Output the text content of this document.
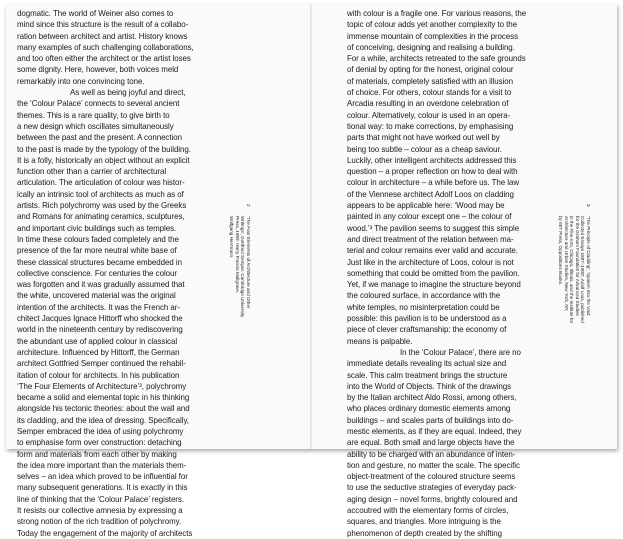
dogmatic. The world of Weiner also comes to
mind since this structure is the result of a collabo-
ration between architect and artist. History knows
many examples of such challenging collaborations,
and too often either the architect or the artist loses
some dignity. Here, however, both voices meld
remarkably into one convincing tone.
As well as being joyful and direct,
the ‘Colour Palace’ connects to several ancient
themes. This is a rare quality, to give birth to
a new design which oscillates simultaneously
between the past and the present. A connection
to the past is made by the typology of the building.
It is a folly, historically an object without an explicit
function other than a carrier of architectural
articulation. The articulation of colour was histor-
ically an intrinsic tool of architects as much as of
artists. Rich polychromy was used by the Greeks
and Romans for animating ceramics, sculptures,
and important civic buildings such as temples.
In time these colours faded completely and the
presence of the far more neutral white base of
these classical structures became embedded in
collective conscience. For centuries the colour
was forgotten and it was gradually assumed that
the white, uncovered material was the original
intention of the architects. It was the French ar-
chitect Jacques Ignace Hittorff who shocked the
world in the nineteenth century by rediscovering
the abundant use of applied colour in classical
architecture. Influenced by Hittorff, the German
architect Gottfried Semper continued the rehabil-
itation of colour for architects. In his publication
‘The Four Elements of Architecture’², polychromy
became a solid and elemental topic in his thinking
alongside his tectonic theories: about the wall and
its cladding, and the idea of dressing. Specifically,
Semper embraced the idea of using polychromy
to emphasise form over construction: detaching
form and materials from each other by making
the idea more important than the materials them-
selves – an idea which proved to be influential for
many subsequent generations. It is exactly in this
line of thinking that the ‘Colour Palace’ registers.
It resists our collective amnesia by expressing a
strong notion of the rich tradition of polychromy.
Today the engagement of the majority of architects
2‘The Four Elements of Architecture and Other
Writings’, Gottfried Semper. Cambridge University
Press, 1989. Harry Francis Mallgrave,
Wolfgang Herrmann.
with colour is a fragile one. For various reasons, the
topic of colour adds yet another complexity to the
immense mountain of complexities in the process
of conceiving, designing and realising a building.
For a while, architects retreated to the safe grounds
of denial by opting for the honest, original colour
of materials, completely satisfied with an illusion
of choice. For others, colour stands for a visit to
Arcadia resulting in an overdone celebration of
colour. Alternatively, colour is used in an opera-
tional way: to make corrections, by emphasising
parts that might not have worked out well by
being too subtle – colour as a cheap saviour.
Luckily, other intelligent architects addressed this
question – a proper reflection on how to deal with
colour in architecture – a while before us. The law
of the Viennese architect Adolf Loos on cladding
appears to be applicable here: ‘Wood may be
painted in any colour except one – the colour of
wood.’³ The pavilion seems to suggest this simple
and direct treatment of the relation between ma-
terial and colour remains ever valid and accurate.
Just like in the architecture of Loos, colour is not
something that could be omitted from the pavilion.
Yet, if we manage to imagine the structure beyond
the coloured surface, in accordance with the
white temples, no misinterpretation could be
possible: this pavilion is to be understood as a
piece of clever craftsmanship: the economy of
means is palpable.
In the ‘Colour Palace’, there are no
immediate details revealing its actual size and
scale. This calm treatment brings the structure
into the World of Objects. Think of the drawings
by the Italian architect Aldo Rossi, among others,
who places ordinary domestic elements among
buildings – and scales parts of buildings into do-
mestic elements, as if they are equal. Indeed, they
are equal. Both small and large objects have the
ability to be charged with an abundance of inten-
tion and gesture, no matter the scale. The specific
object-treatment of the coloured structure seems
to use the seductive strategies of everyday pack-
aging design – novel forms, brightly coloured and
accoutred with the elementary forms of circles,
squares, and triangles. More intriguing is the
phenomenon of depth created by the shifting
3‘The Principle of Cladding’, ‘Spoken into the Void:
Collected Essays 1897–1900’, Adolf Loos, published
for the Graham Foundation for Advanced Studies
in the Fine Arts, Chicago, Illinois, and the Institute for
Architecture and Urban Studies, New York, NY,
by MIT Press, Oppositions Books.
